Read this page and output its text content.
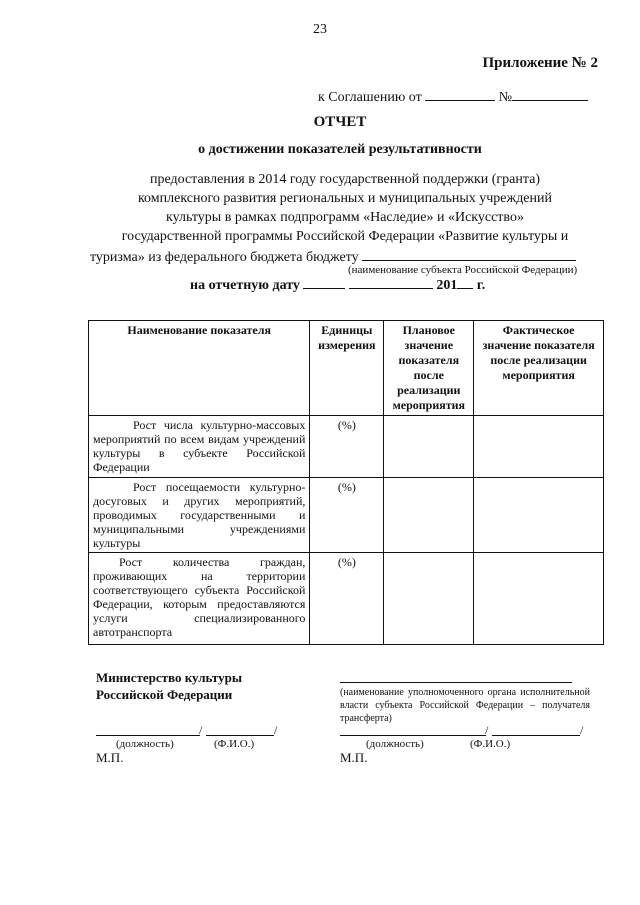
23
Приложение № 2
к Соглашению от	№
ОТЧЕТ
о достижении показателей результативности
предоставления в 2014 году государственной поддержки (гранта)
комплексного развития региональных и муниципальных учреждений
культуры в рамках подпрограмм «Наследие» и «Искусство»
государственной программы Российской Федерации «Развитие культуры и
туризма» из федерального бюджета бюджету
(наименование субъекта Российской Федерации)
на отчетную дату	201 г.
Наименование показателя	Единицы измерения	Плановое значение показателя после реализации мероприятия	Фактическое значение показателя после реализации мероприятия
Рост числа культурно-массовых мероприятий по всем видам учреждений культуры в субъекте Российской Федерации	(%)		
Рост посещаемости культурно-досуговых и других мероприятий, проводимых государственными и муниципальными учреждениями культуры	(%)		
Рост количества граждан, проживающих на территории соответствующего субъекта Российской Федерации, которым предоставляются услуги специализированного автотранспорта	(%)		
Министерство культуры
Российской Федерации
/	/
(должность)	(Ф.И.О.)
М.П.
(наименование уполномоченного органа исполнительной власти субъекта Российской Федерации – получателя трансферта)
/	/
(должность)	(Ф.И.О.)
М.П.
